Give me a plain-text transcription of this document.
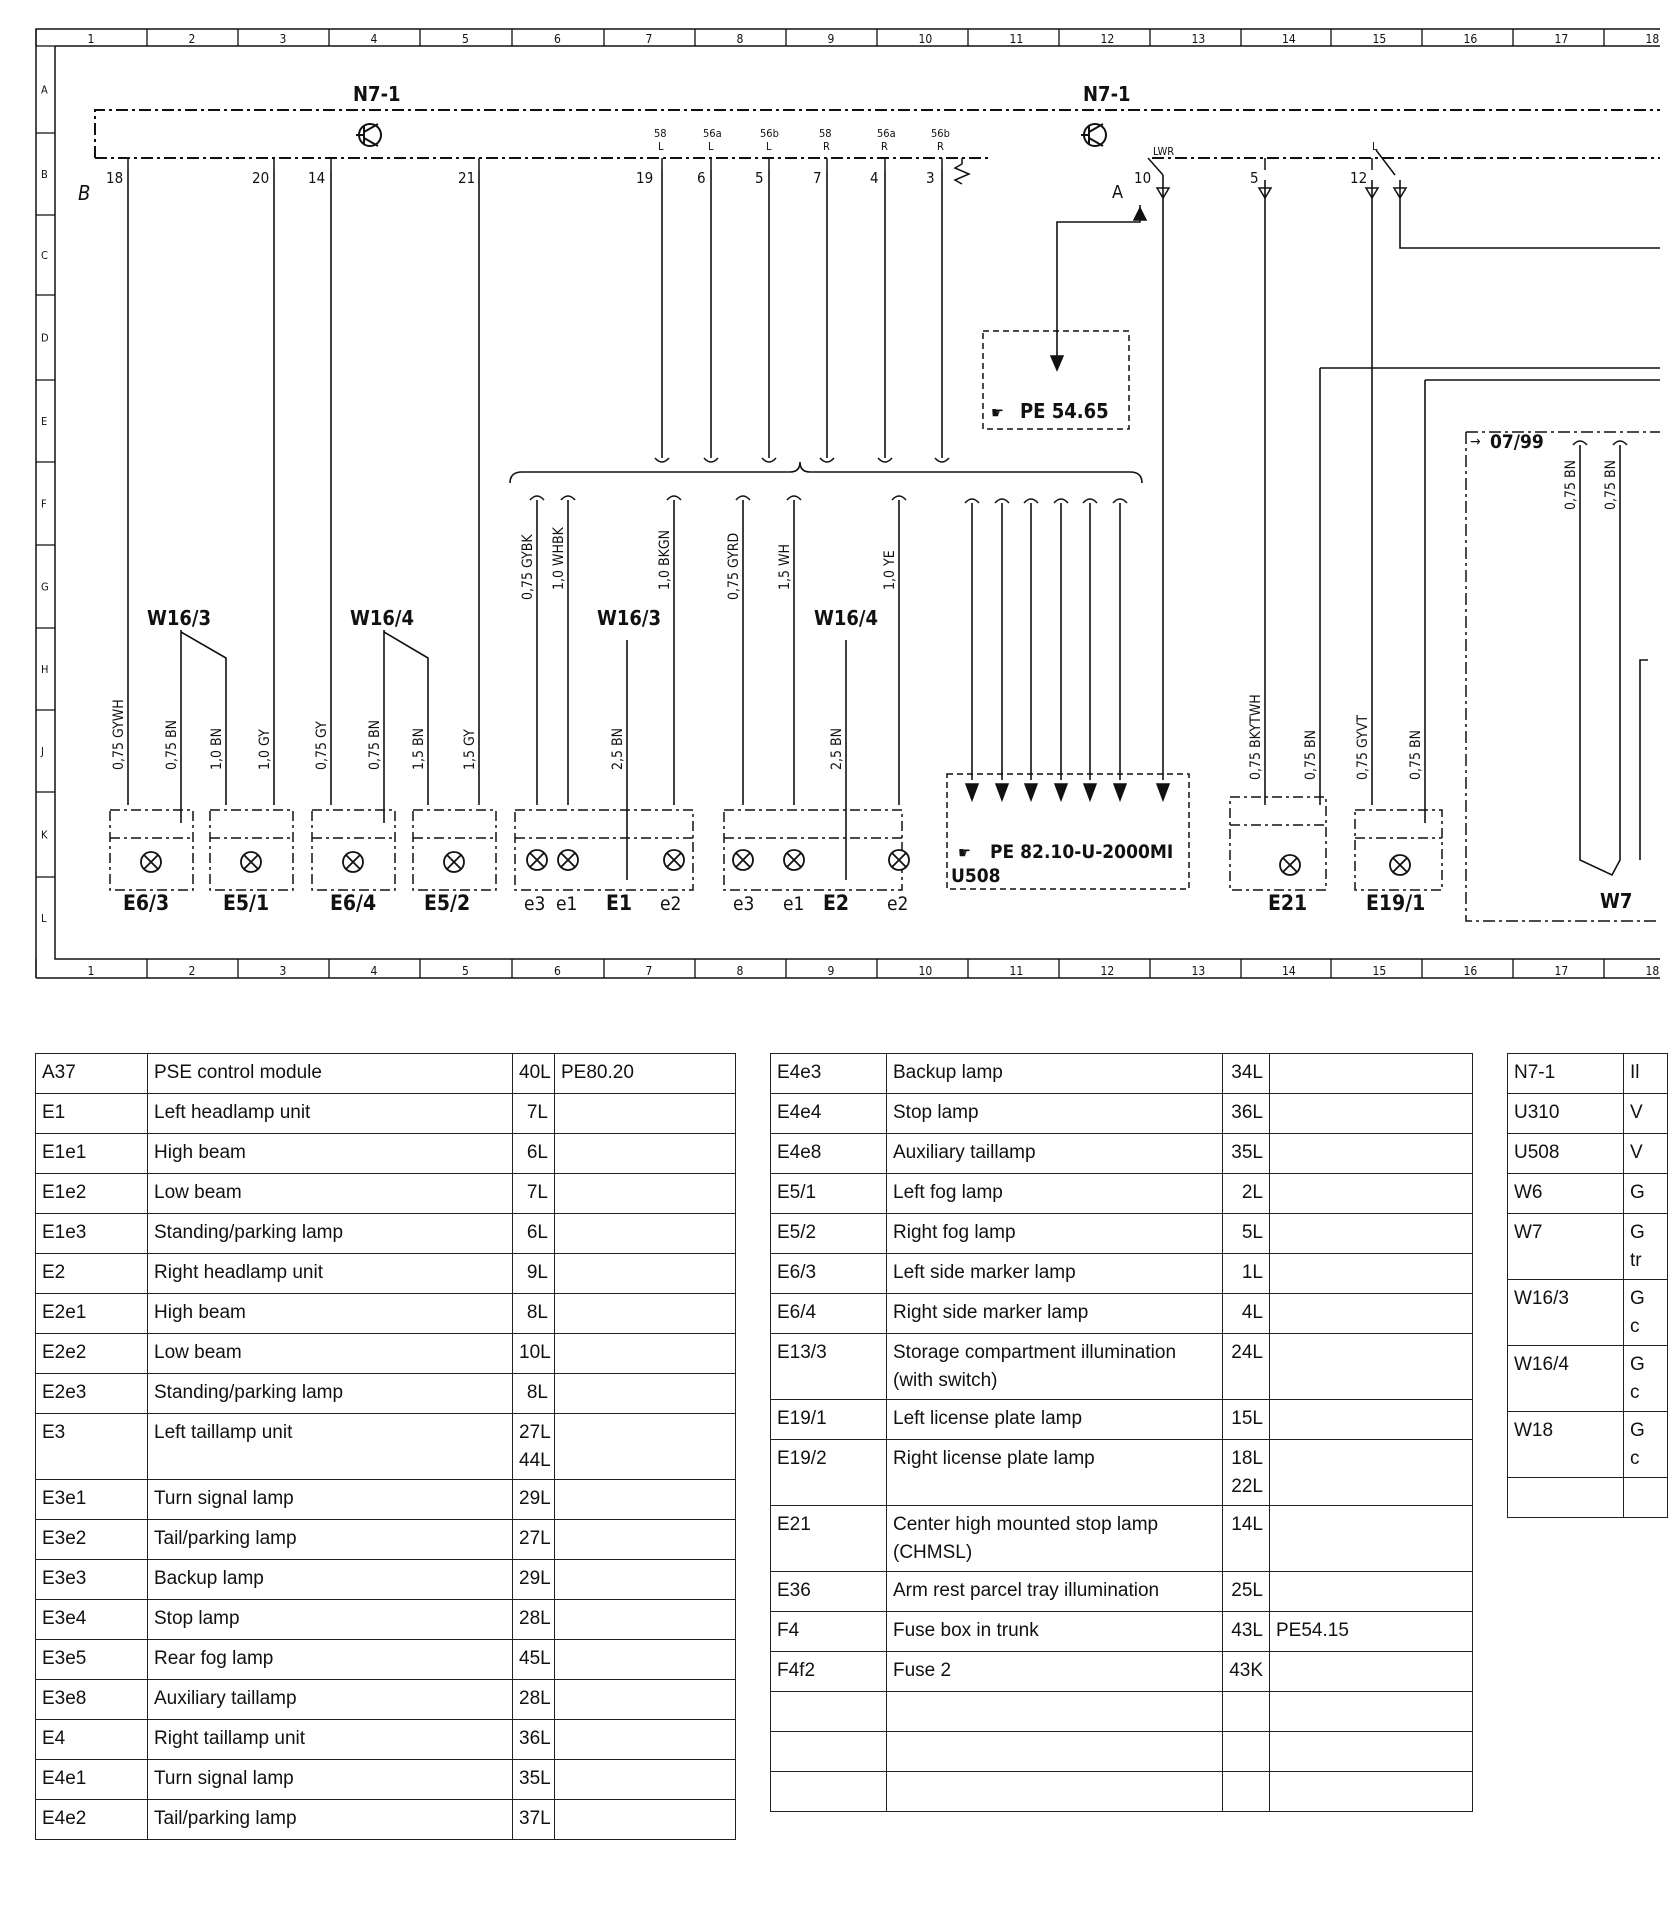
1	2	3	4	5	6	7	8	9	10	11	12	13	14	15	16	17	18
1	2	3	4	5	6	7	8	9	10	11	12	13	14	15	16	17	18
A
B
C
D
E
F
G
H
J
K
L
N7-1	N7-1
B
LWR
A
18	20	14	21	19	6	5	7	4	3	10	5	12
58
L
56a
L
56b
L
58
R
56a
R
56b
R	L
W16/3	W16/4	W16/3	W16/4
W7
0,75 GYWH	0,75 BN 1,0 BN 1,0 GY	0,75 GY	0,75 BN 1,5 BN	1,5 GY
0,75 GYBK 1,0 WHBK
2,5 BN
1,0 BKGN	0,75 GYRD	1,5 WH
2,5 BN
1,0 YE
0,75 BKYTWH	0,75 BN	0,75 GYVT	0,75 BN
0,75 BN 0,75 BN
PE 54.65
☛
PE 82.10-U-2000MI
☛
U508
07/99
→
E6/3	E5/1	E6/4 E5/2	E1	E2	E21	E19/1
e3 e1	e2	e3 e1	e2
A37	PSE control module	40L	PE80.20
E1	Left headlamp unit	7L	
E1e1	High beam	6L	
E1e2	Low beam	7L	
E1e3	Standing/parking lamp	6L	
E2	Right headlamp unit	9L	
E2e1	High beam	8L	
E2e2	Low beam	10L	
E2e3	Standing/parking lamp	8L	
E3	Left taillamp unit	27L
44L	
E3e1	Turn signal lamp	29L	
E3e2	Tail/parking lamp	27L	
E3e3	Backup lamp	29L	
E3e4	Stop lamp	28L	
E3e5	Rear fog lamp	45L	
E3e8	Auxiliary taillamp	28L	
E4	Right taillamp unit	36L	
E4e1	Turn signal lamp	35L	
E4e2	Tail/parking lamp	37L	
E4e3	Backup lamp	34L	
E4e4	Stop lamp	36L	
E4e8	Auxiliary taillamp	35L	
E5/1	Left fog lamp	2L	
E5/2	Right fog lamp	5L	
E6/3	Left side marker lamp	1L	
E6/4	Right side marker lamp	4L	
E13/3	Storage compartment illumination
(with switch)	24L	
E19/1	Left license plate lamp	15L	
E19/2	Right license plate lamp	18L
22L	
E21	Center high mounted stop lamp
(CHMSL)	14L	
E36	Arm rest parcel tray illumination	25L	
F4	Fuse box in trunk	43L	PE54.15
F4f2	Fuse 2	43K	

N7-1	Il
U310	V
U508	V
W6	G
W7	G
tr
W16/3	G
c
W16/4	G
c
W18	G
c
